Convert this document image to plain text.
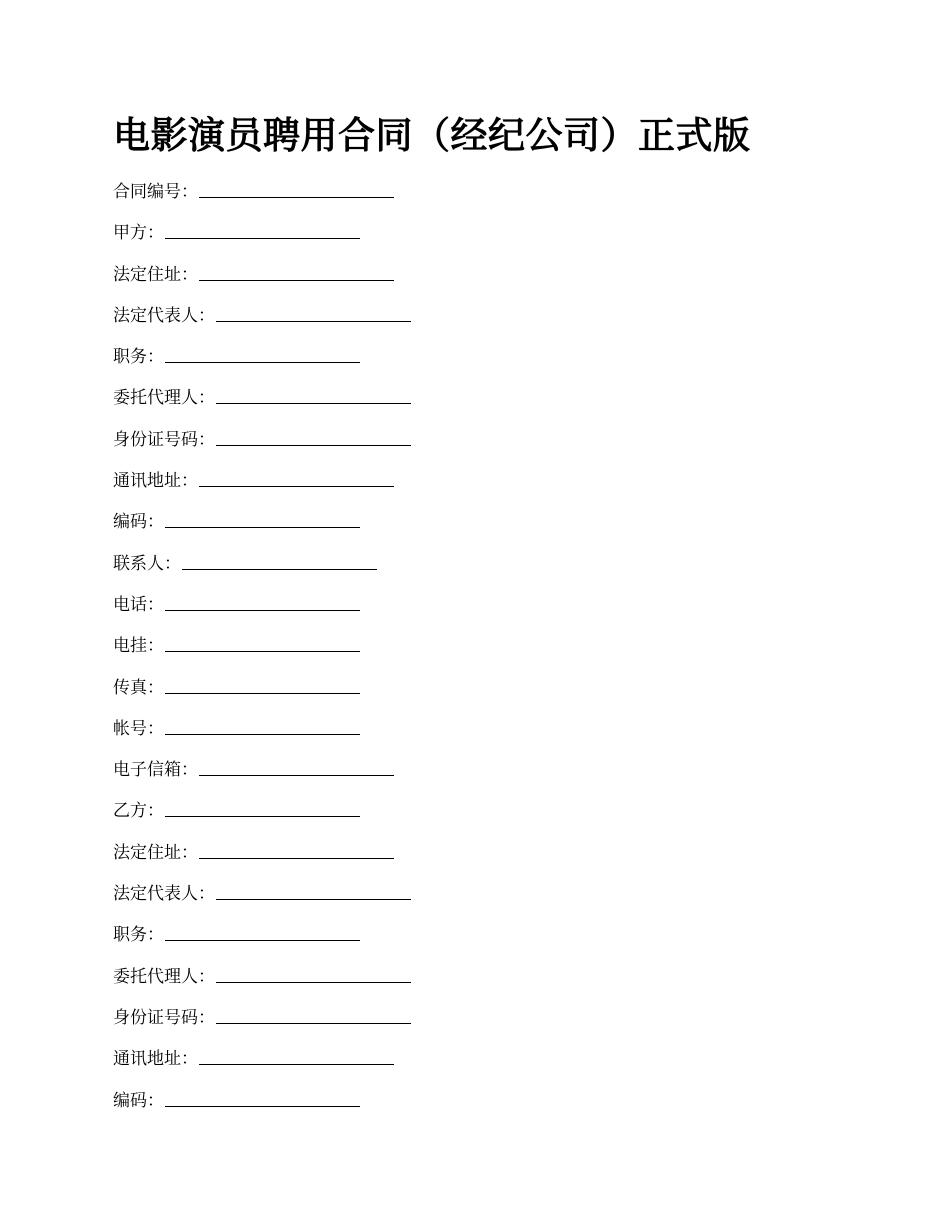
电影演员聘用合同（经纪公司）正式版
合同编号：
甲方：
法定住址：
法定代表人：
职务：
委托代理人：
身份证号码：
通讯地址：
编码：
联系人：
电话：
电挂：
传真：
帐号：
电子信箱：
乙方：
法定住址：
法定代表人：
职务：
委托代理人：
身份证号码：
通讯地址：
编码：
